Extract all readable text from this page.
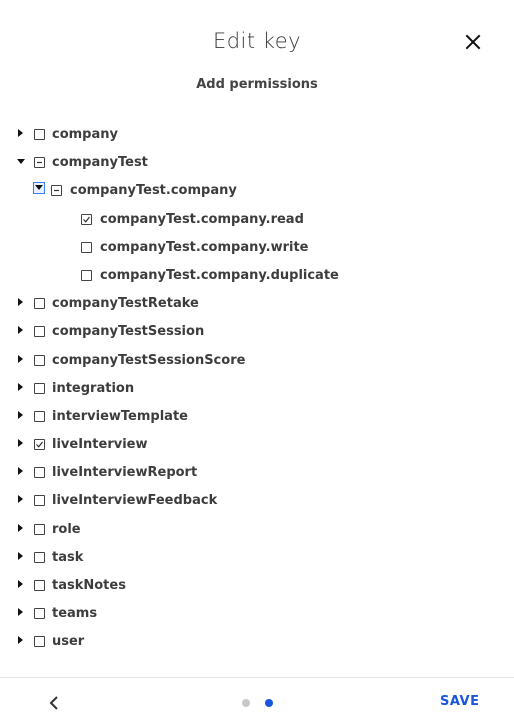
Edit key
Add permissions
company
companyTest
companyTest.company
companyTest.company.read
companyTest.company.write
companyTest.company.duplicate
companyTestRetake
companyTestSession
companyTestSessionScore
integration
interviewTemplate
liveInterview
liveInterviewReport
liveInterviewFeedback
role
task
taskNotes
teams
user
SAVE
